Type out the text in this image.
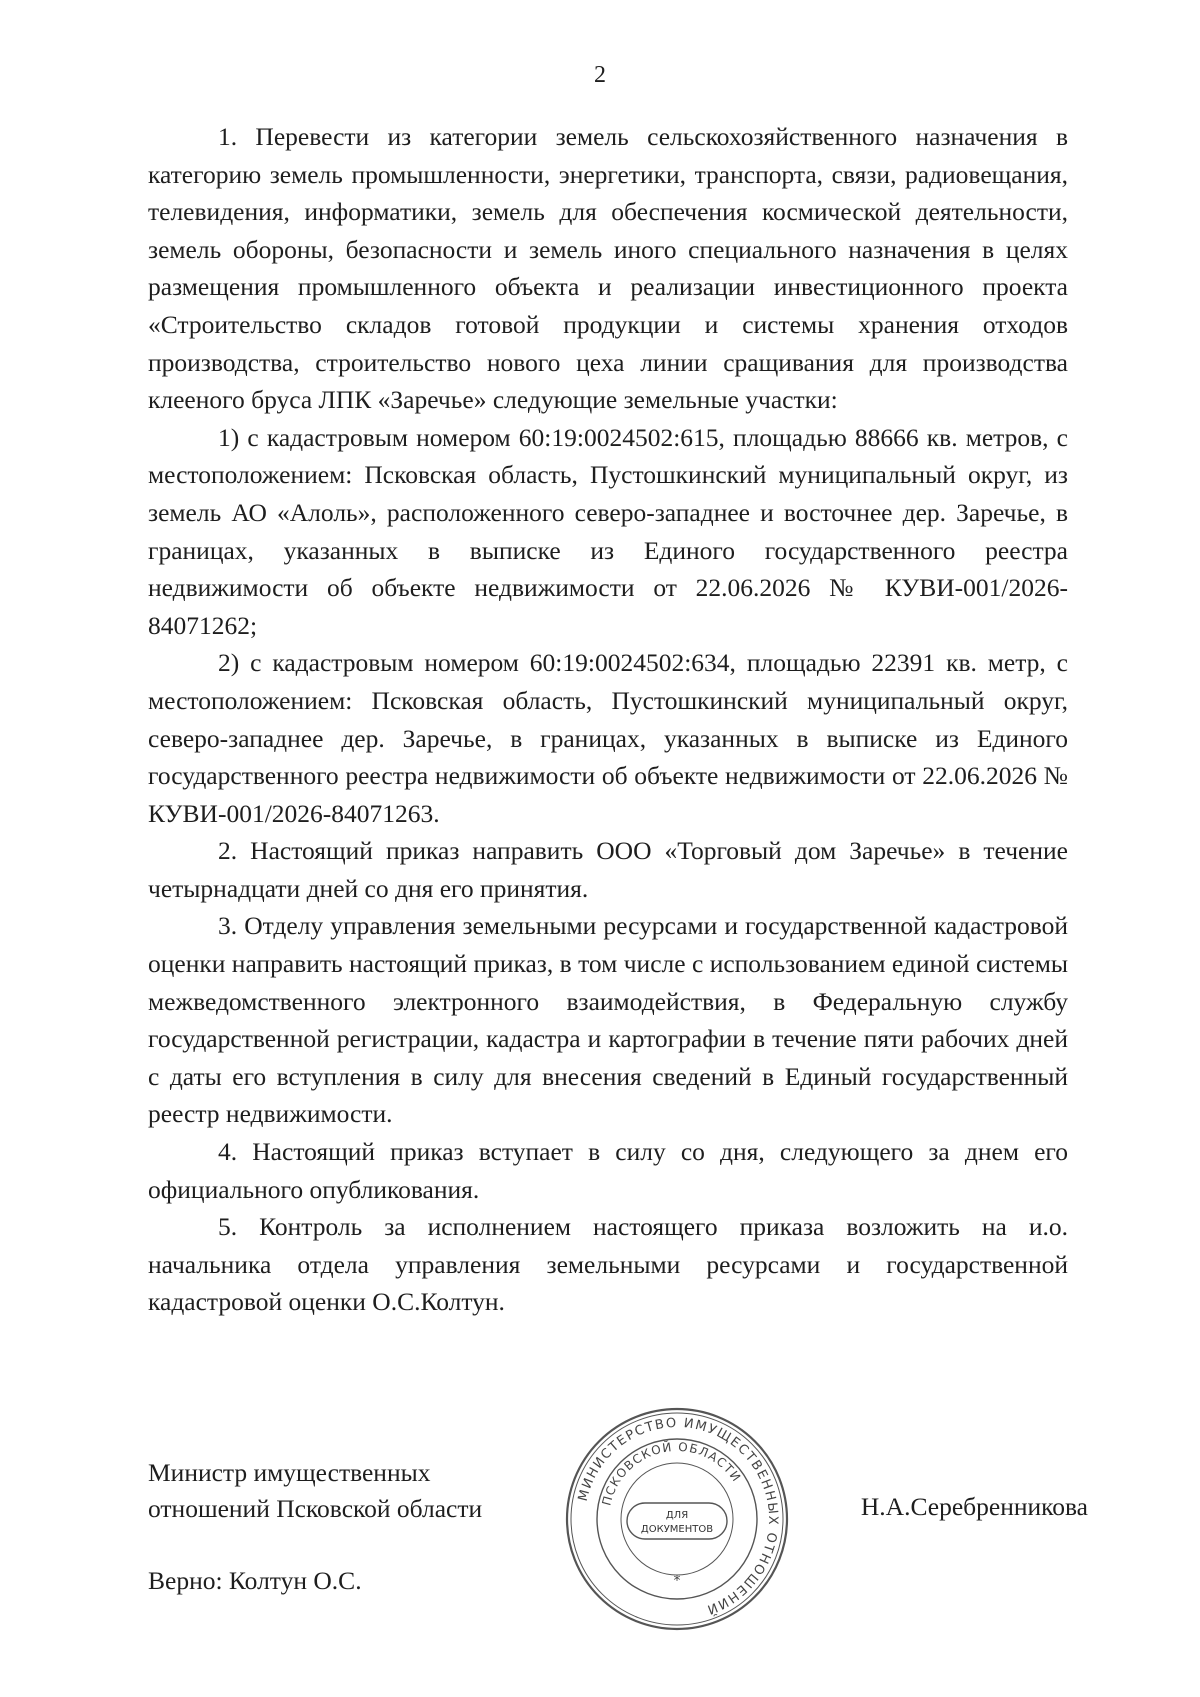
2

1. Перевести из категории земель сельскохозяйственного назначения в категорию земель промышленности, энергетики, транспорта, связи, радиовещания, телевидения, информатики, земель для обеспечения космической деятельности, земель обороны, безопасности и земель иного специального назначения в целях размещения промышленного объекта и реализации инвестиционного проекта «Строительство складов готовой продукции и системы хранения отходов производства, строительство нового цеха линии сращивания для производства клееного бруса ЛПК «Заречье» следующие земельные участки:

1) с кадастровым номером 60:19:0024502:615, площадью 88666 кв. метров, с местоположением: Псковская область, Пустошкинский муниципальный округ, из земель АО «Алоль», расположенного северо-западнее и восточнее дер. Заречье, в границах, указанных в выписке из Единого государственного реестра недвижимости об объекте недвижимости от 22.06.2026 № КУВИ-001/2026-84071262;

2) с кадастровым номером 60:19:0024502:634, площадью 22391 кв. метр, с местоположением: Псковская область, Пустошкинский муниципальный округ, северо-западнее дер. Заречье, в границах, указанных в выписке из Единого государственного реестра недвижимости об объекте недвижимости от 22.06.2026 № КУВИ-001/2026-84071263.

2. Настоящий приказ направить ООО «Торговый дом Заречье» в течение четырнадцати дней со дня его принятия.

3. Отделу управления земельными ресурсами и государственной кадастровой оценки направить настоящий приказ, в том числе с использованием единой системы межведомственного электронного взаимодействия, в Федеральную службу государственной регистрации, кадастра и картографии в течение пяти рабочих дней с даты его вступления в силу для внесения сведений в Единый государственный реестр недвижимости.

4. Настоящий приказ вступает в силу со дня, следующего за днем его официального опубликования.

5. Контроль за исполнением настоящего приказа возложить на и.о. начальника отдела управления земельными ресурсами и государственной кадастровой оценки О.С.Колтун.

Министр имущественных
отношений Псковской области	Н.А.Серебренникова
Верно: Колтун О.С.
МИНИСТЕРСТВО ИМУЩЕСТВЕННЫХ ОТНОШЕНИЙ
ПСКОВСКОЙ ОБЛАСТИ
ДЛЯ
ДОКУМЕНТОВ
*
